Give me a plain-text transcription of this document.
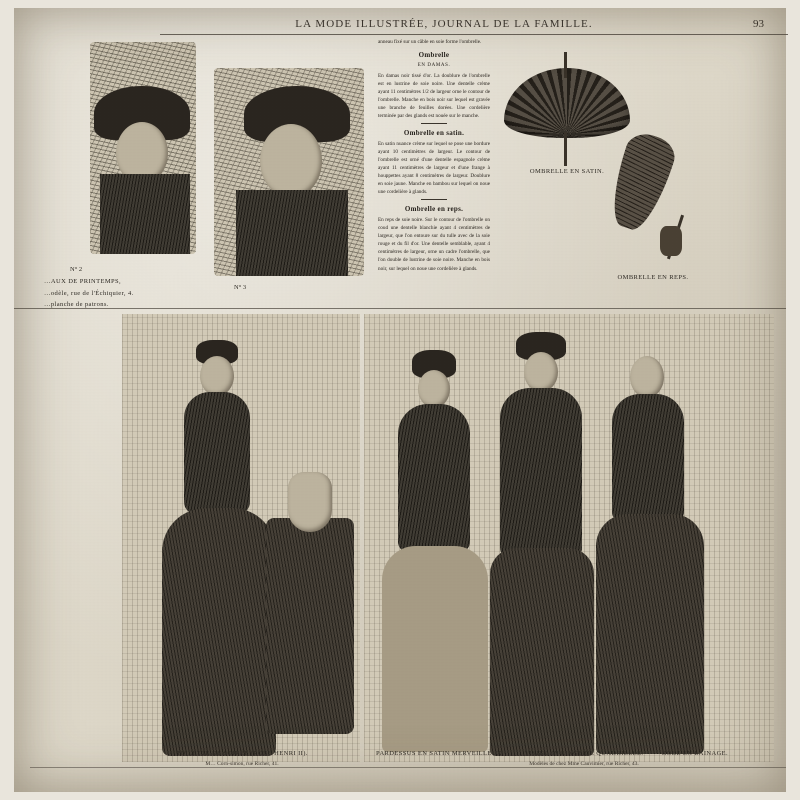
LA MODE ILLUSTRÉE, JOURNAL DE LA FAMILLE.	93
N° 2
…AUX DE PRINTEMPS,
…odèle, rue de l'Échiquier, 4.
…planche de patrons.
N° 3
OMBRELLE EN SATIN.
OMBRELLE EN REPS.

anneau fixé sur un câble en soie forme l'ombrelle.

Ombrelle
EN DAMAS.

En damas noir tissé d'or. La doublure de l'ombrelle est en lustrine de soie noire. Une dentelle crème ayant 11 centimètres 1/2 de largeur orne le contour de l'ombrelle. Manche en bois noir sur lequel est gravée une branche de feuilles dorées. Une cordelière terminée par des glands est nouée sur le manche.

Ombrelle en satin.

En satin nuance crème sur lequel se pose une bordure ayant 10 centimètres de largeur. Le contour de l'ombrelle est orné d'une dentelle espagnole crème ayant 11 centimètres de largeur et d'une frange à houppettes ayant 8 centimètres de largeur. Doublure en soie jaune. Manche en bambou sur lequel on noue une cordelière à glands.

Ombrelle en reps.

En reps de soie noire. Sur le contour de l'ombrelle on coud une dentelle blanchie ayant 4 centimètres de largeur, que l'on entoure sur du tulle avec de la soie rouge et du fil d'or. Une dentelle semblable, ayant 4 centimètres de largeur, orne un cadre l'ombrelle, que l'on double de lustrine de soie noire. Manche en bois noir, sur lequel on noue une cordelière à glands.

TOILETTE DE SOIRÉE (ROBE HENRI II).
M… Corn-simon, rue Richer, 41.
PARDESSUS EN SATIN MERVEILLEUX.	VISITE EN LINGERIE QUADRILLÉE.	ROBE EN LAINAGE.
Modèles de chez Mme Cauvimier, rue Richer, 43.
